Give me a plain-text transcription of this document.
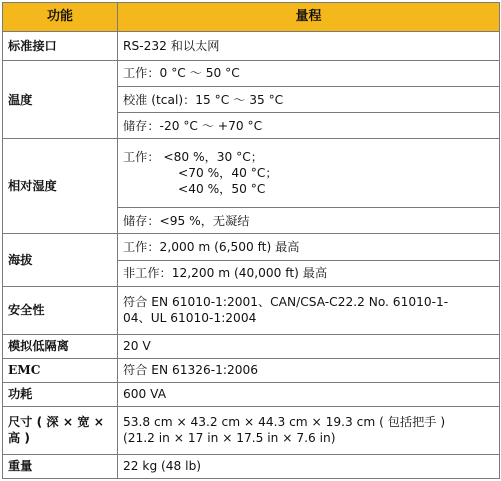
功能	量程
标准接口	RS-232 和以太网
温度	工作：0 °C ～ 50 °C
	校准 (tcal)：15 °C ～ 35 °C
	储存：-20 °C ～ +70 °C
相对湿度	工作： <80 %，30 °C；
<70 %，40 °C；
<40 %，50 °C

	储存：<95 %，无凝结
海拔	工作：2,000 m (6,500 ft) 最高
	非工作：12,200 m (40,000 ft) 最高
安全性	符合 EN 61010-1:2001、CAN/CSA-C22.2 No. 61010-1-
04、UL 61010-1:2004

模拟低隔离	20 V
EMC	符合 EN 61326-1:2006
功耗	600 VA

尺寸 ( 深 × 宽 ×
高 )	53.8 cm × 43.2 cm × 44.3 cm × 19.3 cm ( 包括把手 )
(21.2 in × 17 in × 17.5 in × 7.6 in)

重量	22 kg (48 lb)
